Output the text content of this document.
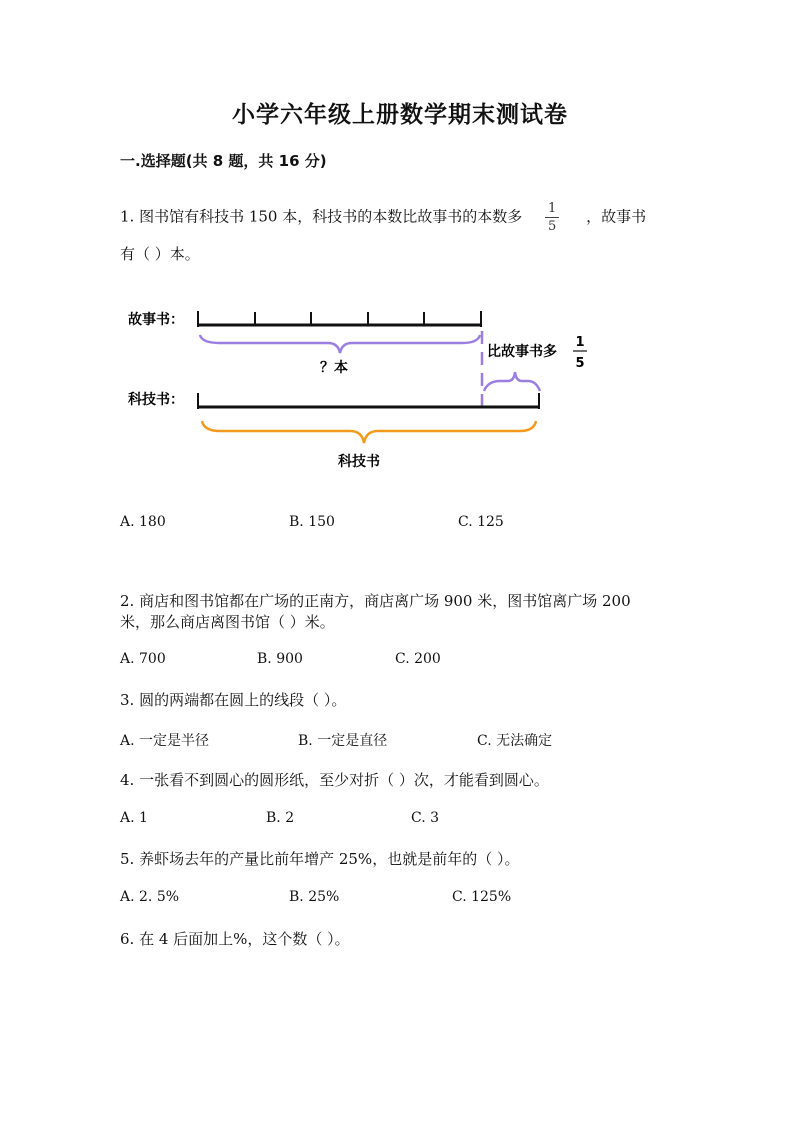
小学六年级上册数学期末测试卷
一.选择题(共 8 题，共 16 分)
1. 图书馆有科技书 150 本，科技书的本数比故事书的本数多 $\frac{1}{5}$ ，故事书
有（ ）本。
故事书：
？本
比故事书多
1
5
科技书：
科技书
A. 180	B. 150	C. 125
2. 商店和图书馆都在广场的正南方，商店离广场 900 米，图书馆离广场 200
米，那么商店离图书馆（ ）米。
A. 700	B. 900	C. 200
3. 圆的两端都在圆上的线段（ ）。
A. 一定是半径	B. 一定是直径	C. 无法确定
4. 一张看不到圆心的圆形纸，至少对折（ ）次，才能看到圆心。
A. 1	B. 2	C. 3
5. 养虾场去年的产量比前年增产 25%，也就是前年的（ ）。
A. 2. 5%	B. 25%	C. 125%
6. 在 4 后面加上%，这个数（ ）。
